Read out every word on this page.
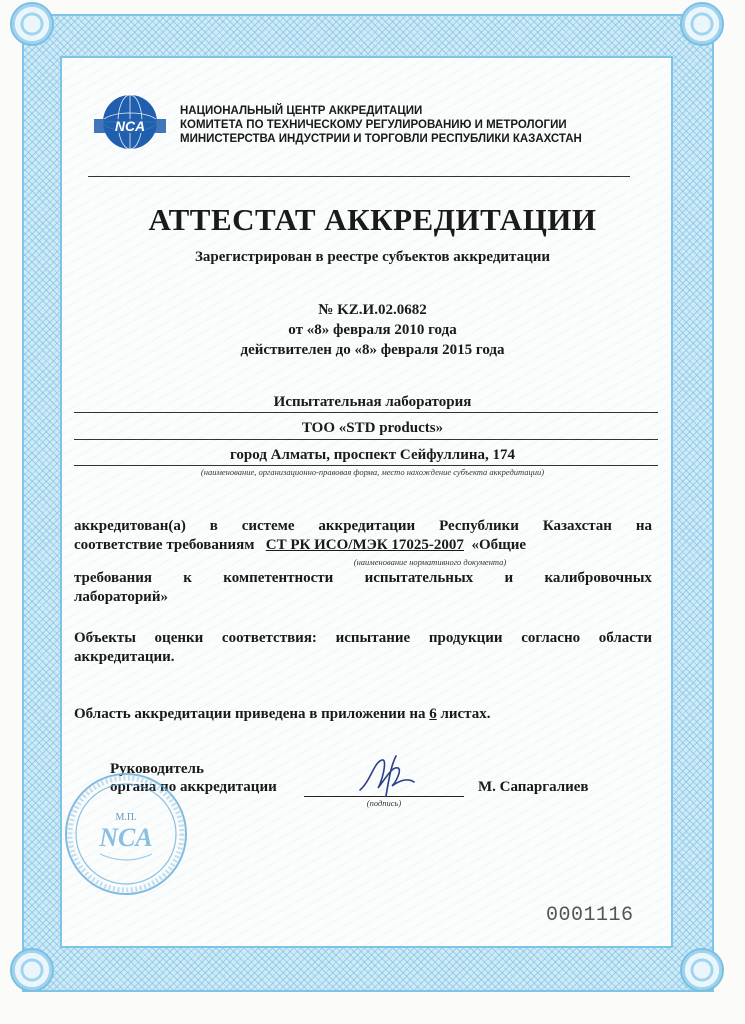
NCA
НАЦИОНАЛЬНЫЙ ЦЕНТР АККРЕДИТАЦИИ
КОМИТЕТА ПО ТЕХНИЧЕСКОМУ РЕГУЛИРОВАНИЮ И МЕТРОЛОГИИ
МИНИСТЕРСТВА ИНДУСТРИИ И ТОРГОВЛИ РЕСПУБЛИКИ КАЗАХСТАН
АТТЕСТАТ АККРЕДИТАЦИИ
Зарегистрирован в реестре субъектов аккредитации
№ KZ.И.02.0682
от «8» февраля 2010 года
действителен до «8» февраля 2015 года
Испытательная лаборатория
ТОО «STD products»
город Алматы, проспект Сейфуллина, 174
(наименование, организационно-правовая форма, место нахождение субъекта аккредитации)
аккредитован(а) в системе аккредитации Республики Казахстан на
соответствие требованиям СТ РК ИСО/МЭК 17025-2007 «Общие
(наименование нормативного документа)
требования к компетентности испытательных и калибровочных
лабораторий»
Объекты оценки соответствия: испытание продукции согласно области
аккредитации.
Область аккредитации приведена в приложении на 6 листах.
Руководитель
органа по аккредитации
(подпись)
М. Сапаргалиев
М.П.
NCA
0001116
